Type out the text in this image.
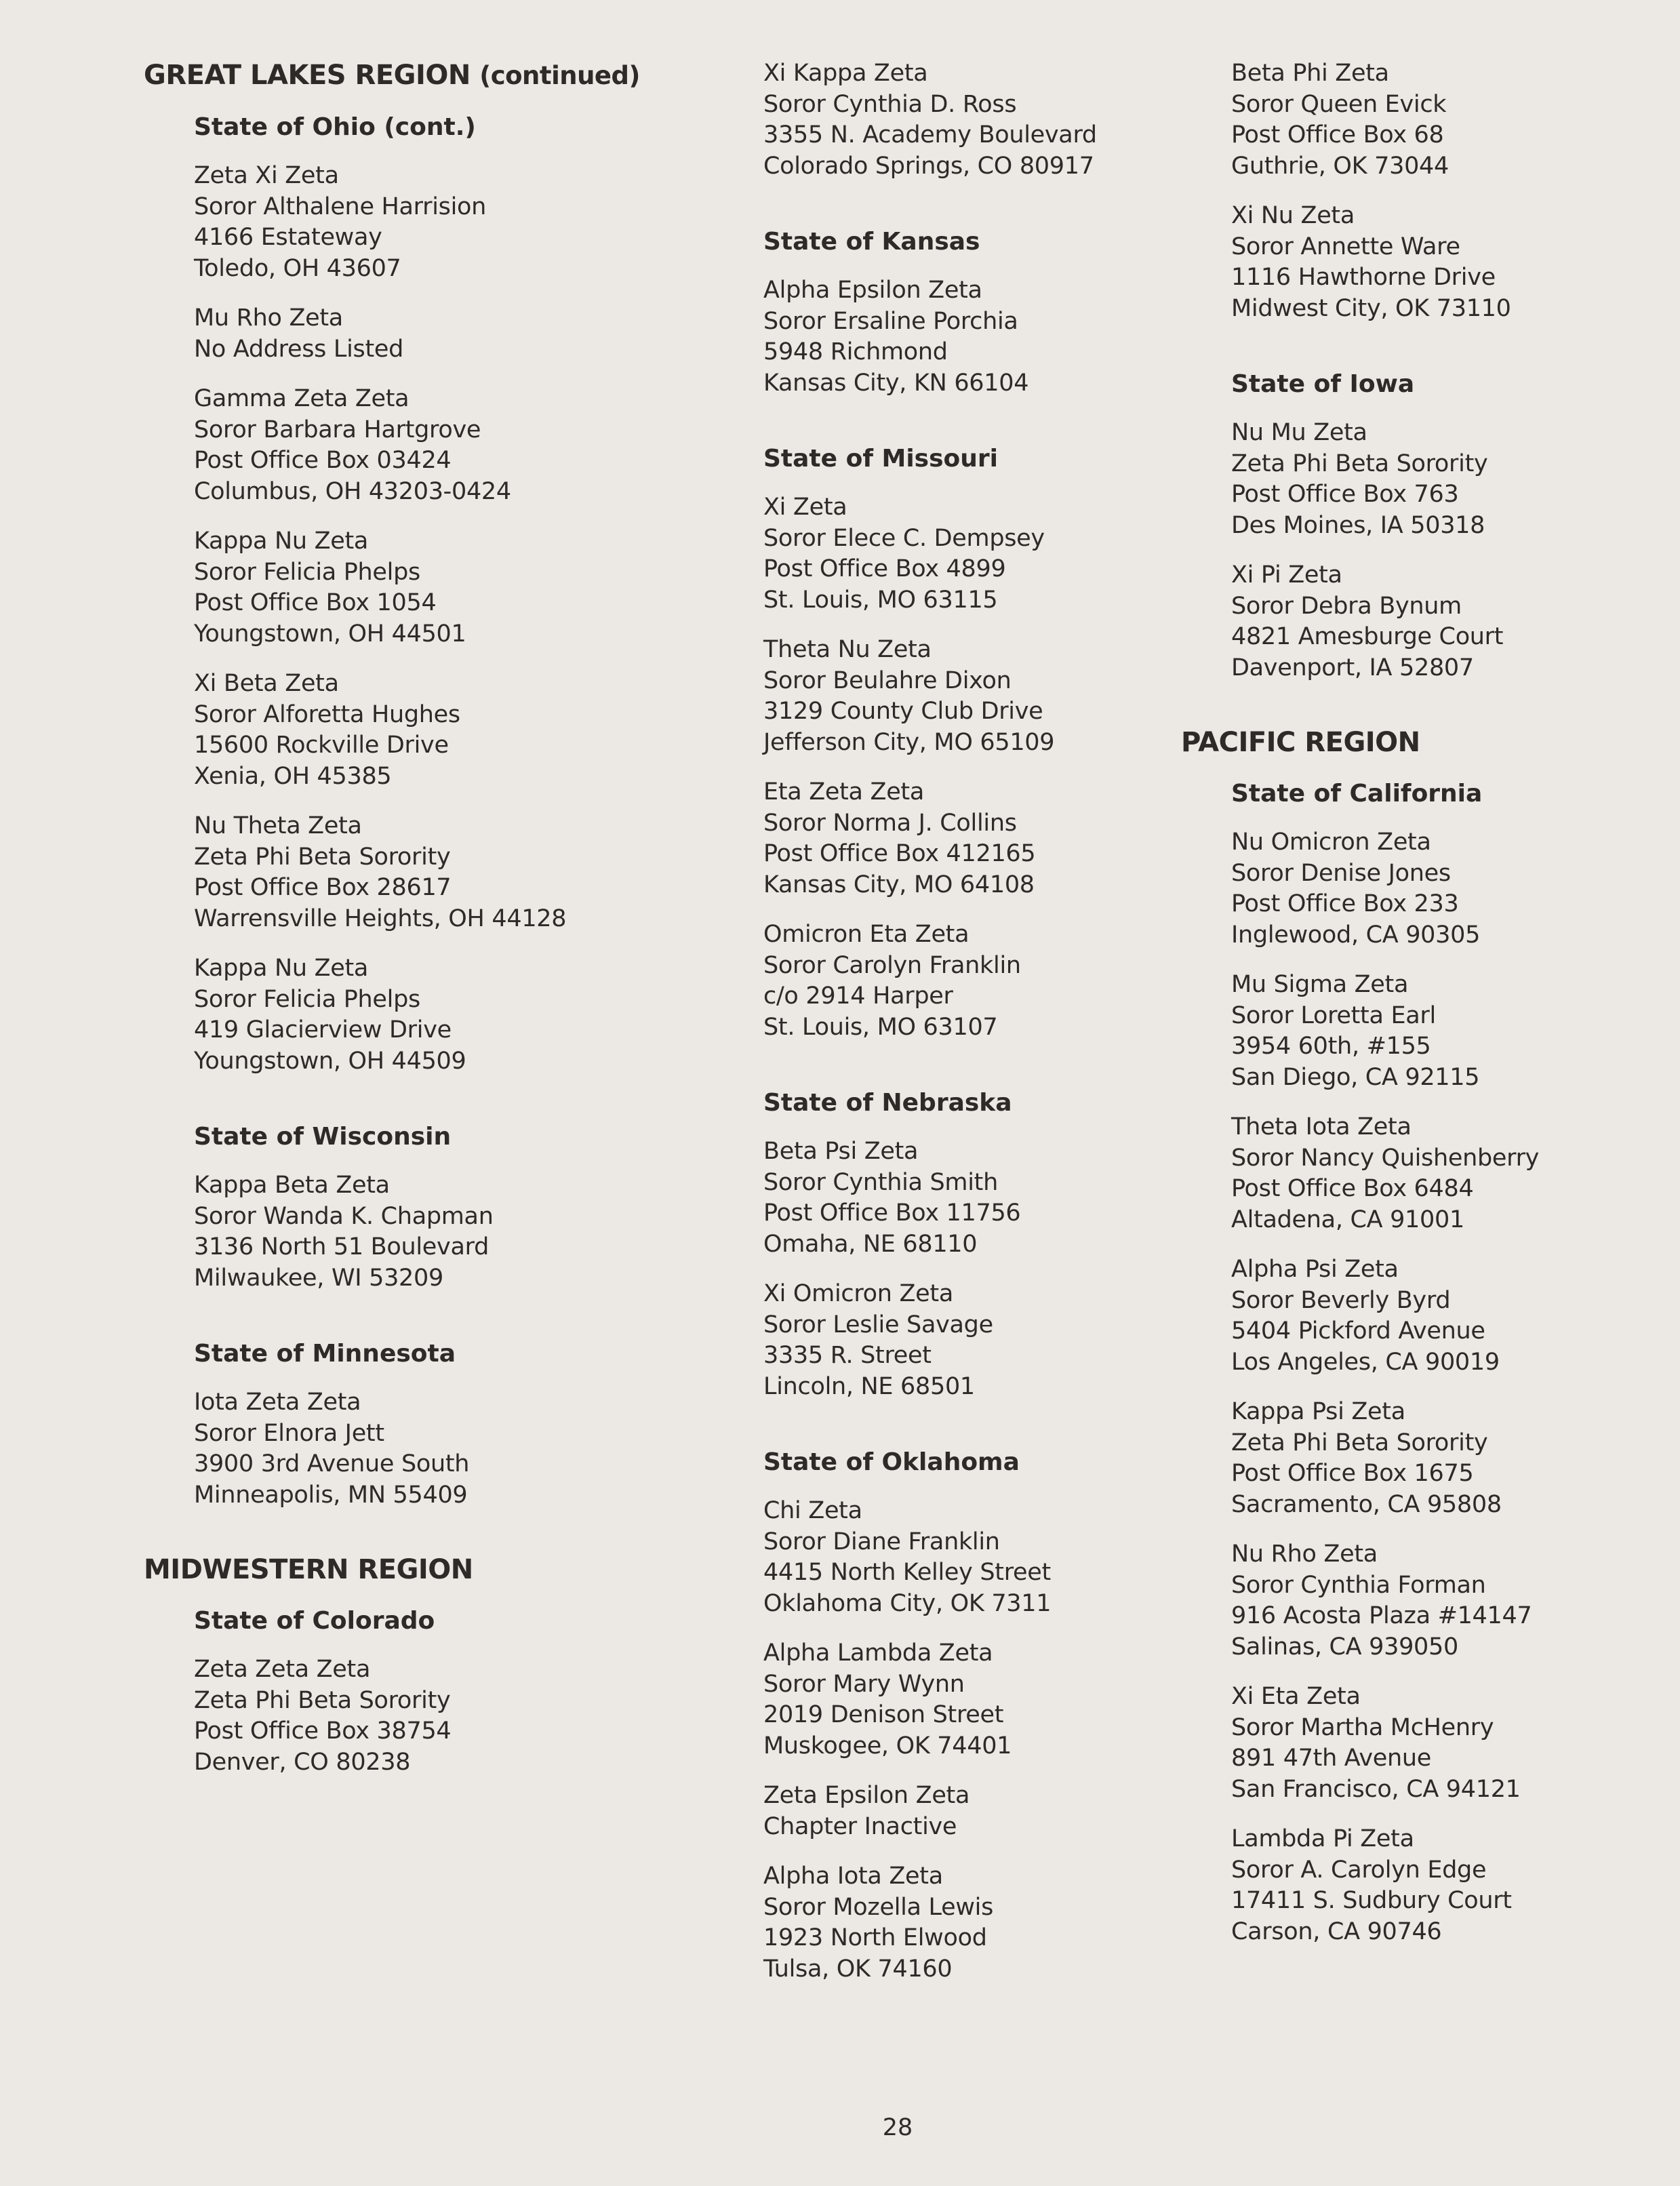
GREAT LAKES REGION (continued)
State of Ohio (cont.)
Zeta Xi Zeta
Soror Althalene Harrision
4166 Estateway
Toledo, OH 43607
Mu Rho Zeta
No Address Listed
Gamma Zeta Zeta
Soror Barbara Hartgrove
Post Office Box 03424
Columbus, OH 43203-0424
Kappa Nu Zeta
Soror Felicia Phelps
Post Office Box 1054
Youngstown, OH 44501
Xi Beta Zeta
Soror Alforetta Hughes
15600 Rockville Drive
Xenia, OH 45385
Nu Theta Zeta
Zeta Phi Beta Sorority
Post Office Box 28617
Warrensville Heights, OH 44128
Kappa Nu Zeta
Soror Felicia Phelps
419 Glacierview Drive
Youngstown, OH 44509
State of Wisconsin
Kappa Beta Zeta
Soror Wanda K. Chapman
3136 North 51 Boulevard
Milwaukee, WI 53209
State of Minnesota
Iota Zeta Zeta
Soror Elnora Jett
3900 3rd Avenue South
Minneapolis, MN 55409
MIDWESTERN REGION
State of Colorado
Zeta Zeta Zeta
Zeta Phi Beta Sorority
Post Office Box 38754
Denver, CO 80238
Xi Kappa Zeta
Soror Cynthia D. Ross
3355 N. Academy Boulevard
Colorado Springs, CO 80917
State of Kansas
Alpha Epsilon Zeta
Soror Ersaline Porchia
5948 Richmond
Kansas City, KN 66104
State of Missouri
Xi Zeta
Soror Elece C. Dempsey
Post Office Box 4899
St. Louis, MO 63115
Theta Nu Zeta
Soror Beulahre Dixon
3129 County Club Drive
Jefferson City, MO 65109
Eta Zeta Zeta
Soror Norma J. Collins
Post Office Box 412165
Kansas City, MO 64108
Omicron Eta Zeta
Soror Carolyn Franklin
c/o 2914 Harper
St. Louis, MO 63107
State of Nebraska
Beta Psi Zeta
Soror Cynthia Smith
Post Office Box 11756
Omaha, NE 68110
Xi Omicron Zeta
Soror Leslie Savage
3335 R. Street
Lincoln, NE 68501
State of Oklahoma
Chi Zeta
Soror Diane Franklin
4415 North Kelley Street
Oklahoma City, OK 7311
Alpha Lambda Zeta
Soror Mary Wynn
2019 Denison Street
Muskogee, OK 74401
Zeta Epsilon Zeta
Chapter Inactive
Alpha Iota Zeta
Soror Mozella Lewis
1923 North Elwood
Tulsa, OK 74160
Beta Phi Zeta
Soror Queen Evick
Post Office Box 68
Guthrie, OK 73044
Xi Nu Zeta
Soror Annette Ware
1116 Hawthorne Drive
Midwest City, OK 73110
State of Iowa
Nu Mu Zeta
Zeta Phi Beta Sorority
Post Office Box 763
Des Moines, IA 50318
Xi Pi Zeta
Soror Debra Bynum
4821 Amesburge Court
Davenport, IA 52807
PACIFIC REGION
State of California
Nu Omicron Zeta
Soror Denise Jones
Post Office Box 233
Inglewood, CA 90305
Mu Sigma Zeta
Soror Loretta Earl
3954 60th, #155
San Diego, CA 92115
Theta Iota Zeta
Soror Nancy Quishenberry
Post Office Box 6484
Altadena, CA 91001
Alpha Psi Zeta
Soror Beverly Byrd
5404 Pickford Avenue
Los Angeles, CA 90019
Kappa Psi Zeta
Zeta Phi Beta Sorority
Post Office Box 1675
Sacramento, CA 95808
Nu Rho Zeta
Soror Cynthia Forman
916 Acosta Plaza #14147
Salinas, CA 939050
Xi Eta Zeta
Soror Martha McHenry
891 47th Avenue
San Francisco, CA 94121
Lambda Pi Zeta
Soror A. Carolyn Edge
17411 S. Sudbury Court
Carson, CA 90746
28
